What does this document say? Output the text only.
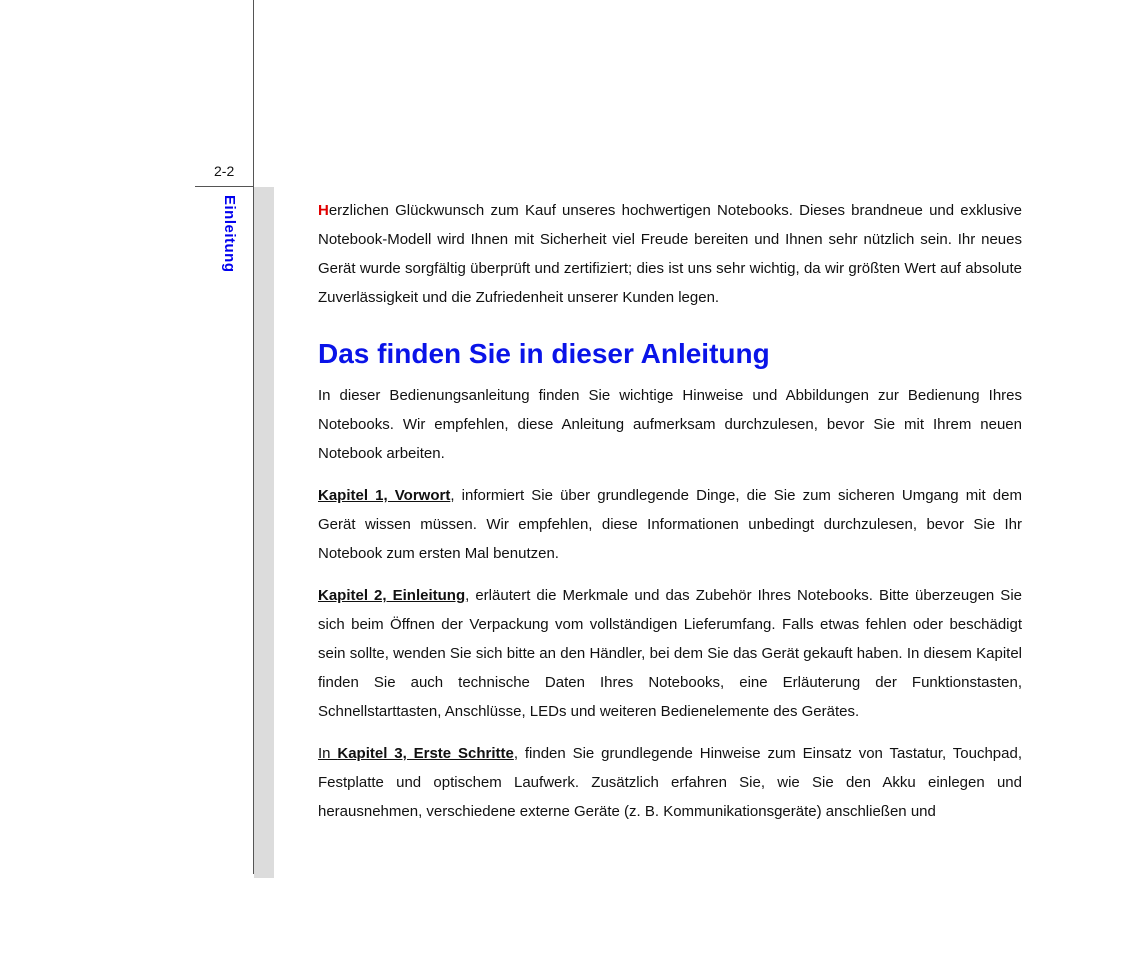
2-2
Einleitung	Herzlichen Glückwunsch zum Kauf unseres hochwertigen Notebooks. Dieses brandneue und exklusive Notebook-Modell wird Ihnen mit Sicherheit viel Freude bereiten und Ihnen sehr nützlich sein. Ihr neues Gerät wurde sorgfältig überprüft und zertifiziert; dies ist uns sehr wichtig, da wir größten Wert auf absolute Zuverlässigkeit und die Zufriedenheit unserer Kunden legen.

Das finden Sie in dieser Anleitung

In dieser Bedienungsanleitung finden Sie wichtige Hinweise und Abbildungen zur Bedienung Ihres Notebooks. Wir empfehlen, diese Anleitung aufmerksam durchzulesen, bevor Sie mit Ihrem neuen Notebook arbeiten.

Kapitel 1, Vorwort, informiert Sie über grundlegende Dinge, die Sie zum sicheren Umgang mit dem Gerät wissen müssen. Wir empfehlen, diese Informationen unbedingt durchzulesen, bevor Sie Ihr Notebook zum ersten Mal benutzen.

Kapitel 2, Einleitung, erläutert die Merkmale und das Zubehör Ihres Notebooks. Bitte überzeugen Sie sich beim Öffnen der Verpackung vom vollständigen Lieferumfang. Falls etwas fehlen oder beschädigt sein sollte, wenden Sie sich bitte an den Händler, bei dem Sie das Gerät gekauft haben. In diesem Kapitel finden Sie auch technische Daten Ihres Notebooks, eine Erläuterung der Funktionstasten, Schnellstarttasten, Anschlüsse, LEDs und weiteren Bedienelemente des Gerätes.

In Kapitel 3, Erste Schritte, finden Sie grundlegende Hinweise zum Einsatz von Tastatur, Touchpad, Festplatte und optischem Laufwerk. Zusätzlich erfahren Sie, wie Sie den Akku einlegen und herausnehmen, verschiedene externe Geräte (z. B. Kommunikationsgeräte) anschließen und
